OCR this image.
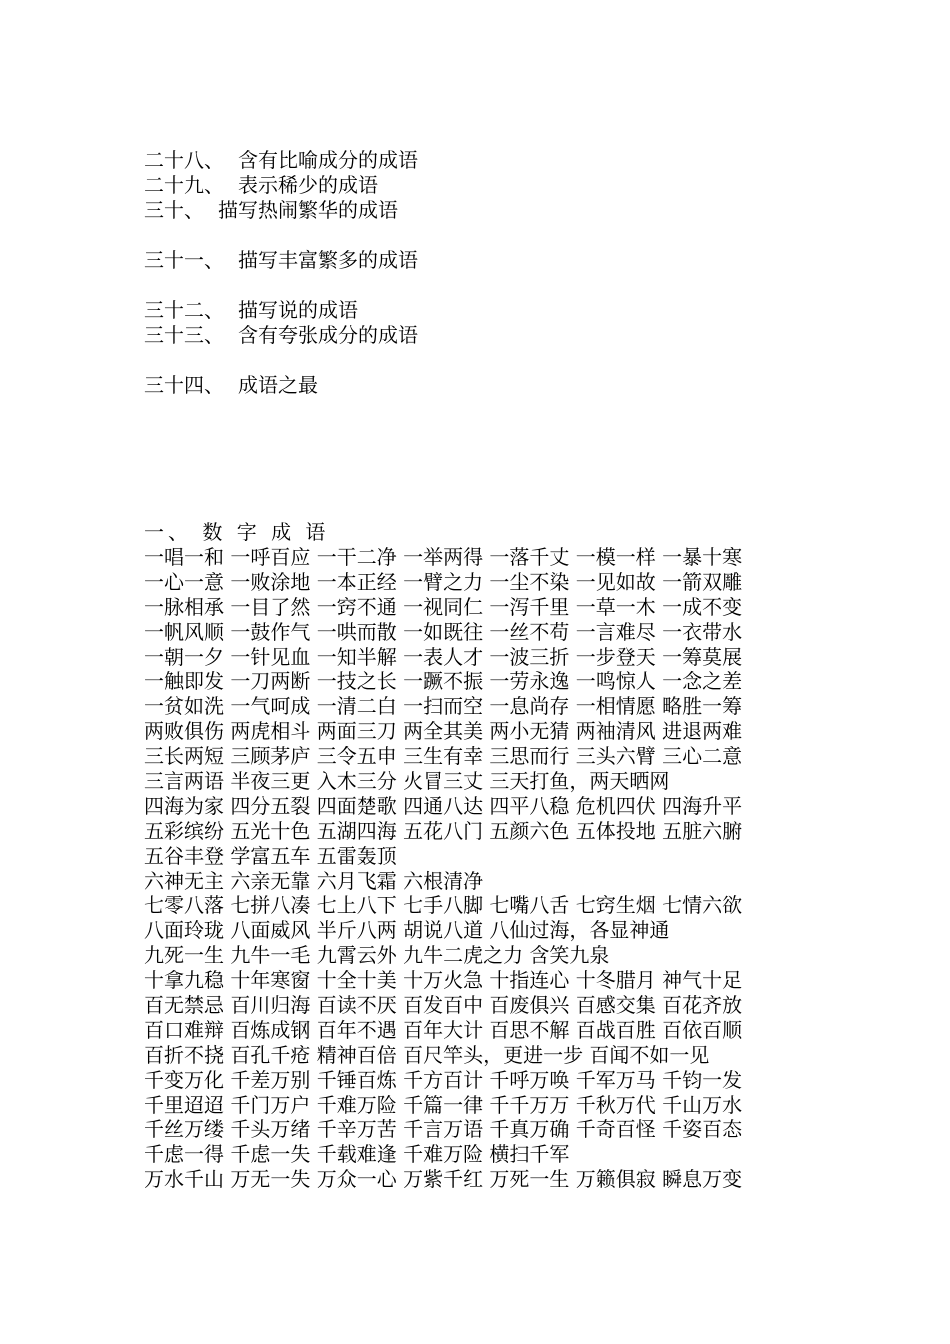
二十八、 含有比喻成分的成语
二十九、 表示稀少的成语
三十、 描写热闹繁华的成语
三十一、 描写丰富繁多的成语
三十二、 描写说的成语
三十三、 含有夸张成分的成语
三十四、 成语之最
一、 数 字 成 语
一唱一和 一呼百应 一干二净 一举两得 一落千丈 一模一样 一暴十寒
一心一意 一败涂地 一本正经 一臂之力 一尘不染 一见如故 一箭双雕
一脉相承 一目了然 一窍不通 一视同仁 一泻千里 一草一木 一成不变
一帆风顺 一鼓作气 一哄而散 一如既往 一丝不苟 一言难尽 一衣带水
一朝一夕 一针见血 一知半解 一表人才 一波三折 一步登天 一筹莫展
一触即发 一刀两断 一技之长 一蹶不振 一劳永逸 一鸣惊人 一念之差
一贫如洗 一气呵成 一清二白 一扫而空 一息尚存 一相情愿 略胜一筹
两败俱伤 两虎相斗 两面三刀 两全其美 两小无猜 两袖清风 进退两难
三长两短 三顾茅庐 三令五申 三生有幸 三思而行 三头六臂 三心二意
三言两语 半夜三更 入木三分 火冒三丈 三天打鱼，两天晒网
四海为家 四分五裂 四面楚歌 四通八达 四平八稳 危机四伏 四海升平
五彩缤纷 五光十色 五湖四海 五花八门 五颜六色 五体投地 五脏六腑
五谷丰登 学富五车 五雷轰顶
六神无主 六亲无靠 六月飞霜 六根清净
七零八落 七拼八凑 七上八下 七手八脚 七嘴八舌 七窍生烟 七情六欲
八面玲珑 八面威风 半斤八两 胡说八道 八仙过海，各显神通
九死一生 九牛一毛 九霄云外 九牛二虎之力 含笑九泉
十拿九稳 十年寒窗 十全十美 十万火急 十指连心 十冬腊月 神气十足
百无禁忌 百川归海 百读不厌 百发百中 百废俱兴 百感交集 百花齐放
百口难辩 百炼成钢 百年不遇 百年大计 百思不解 百战百胜 百依百顺
百折不挠 百孔千疮 精神百倍 百尺竿头，更进一步 百闻不如一见
千变万化 千差万别 千锤百炼 千方百计 千呼万唤 千军万马 千钧一发
千里迢迢 千门万户 千难万险 千篇一律 千千万万 千秋万代 千山万水
千丝万缕 千头万绪 千辛万苦 千言万语 千真万确 千奇百怪 千姿百态
千虑一得 千虑一失 千载难逢 千难万险 横扫千军
万水千山 万无一失 万众一心 万紫千红 万死一生 万籁俱寂 瞬息万变
